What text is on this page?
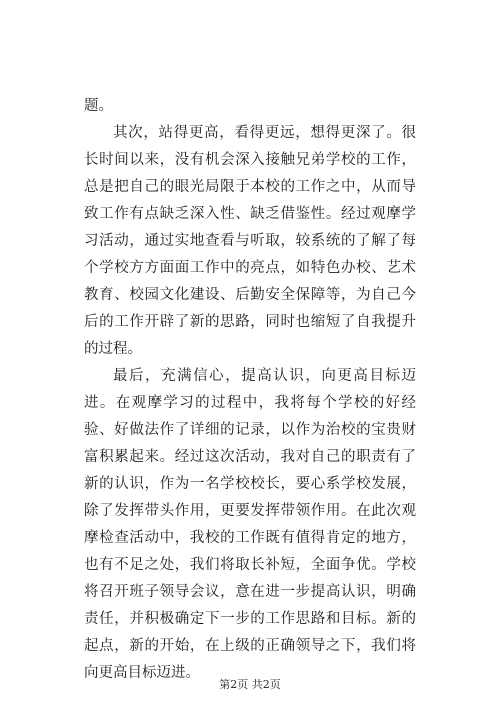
题。

其次，站得更高，看得更远，想得更深了。很长时间以来，没有机会深入接触兄弟学校的工作，总是把自己的眼光局限于本校的工作之中，从而导致工作有点缺乏深入性、缺乏借鉴性。经过观摩学习活动，通过实地查看与听取，较系统的了解了每个学校方方面面工作中的亮点，如特色办校、艺术教育、校园文化建设、后勤安全保障等，为自己今后的工作开辟了新的思路，同时也缩短了自我提升的过程。

最后，充满信心，提高认识，向更高目标迈进。在观摩学习的过程中，我将每个学校的好经验、好做法作了详细的记录，以作为治校的宝贵财富积累起来。经过这次活动，我对自己的职责有了新的认识，作为一名学校校长，要心系学校发展，除了发挥带头作用，更要发挥带领作用。在此次观摩检查活动中，我校的工作既有值得肯定的地方，也有不足之处，我们将取长补短，全面争优。学校将召开班子领导会议，意在进一步提高认识，明确责任，并积极确定下一步的工作思路和目标。新的起点，新的开始，在上级的正确领导之下，我们将向更高目标迈进。

第2页 共2页
